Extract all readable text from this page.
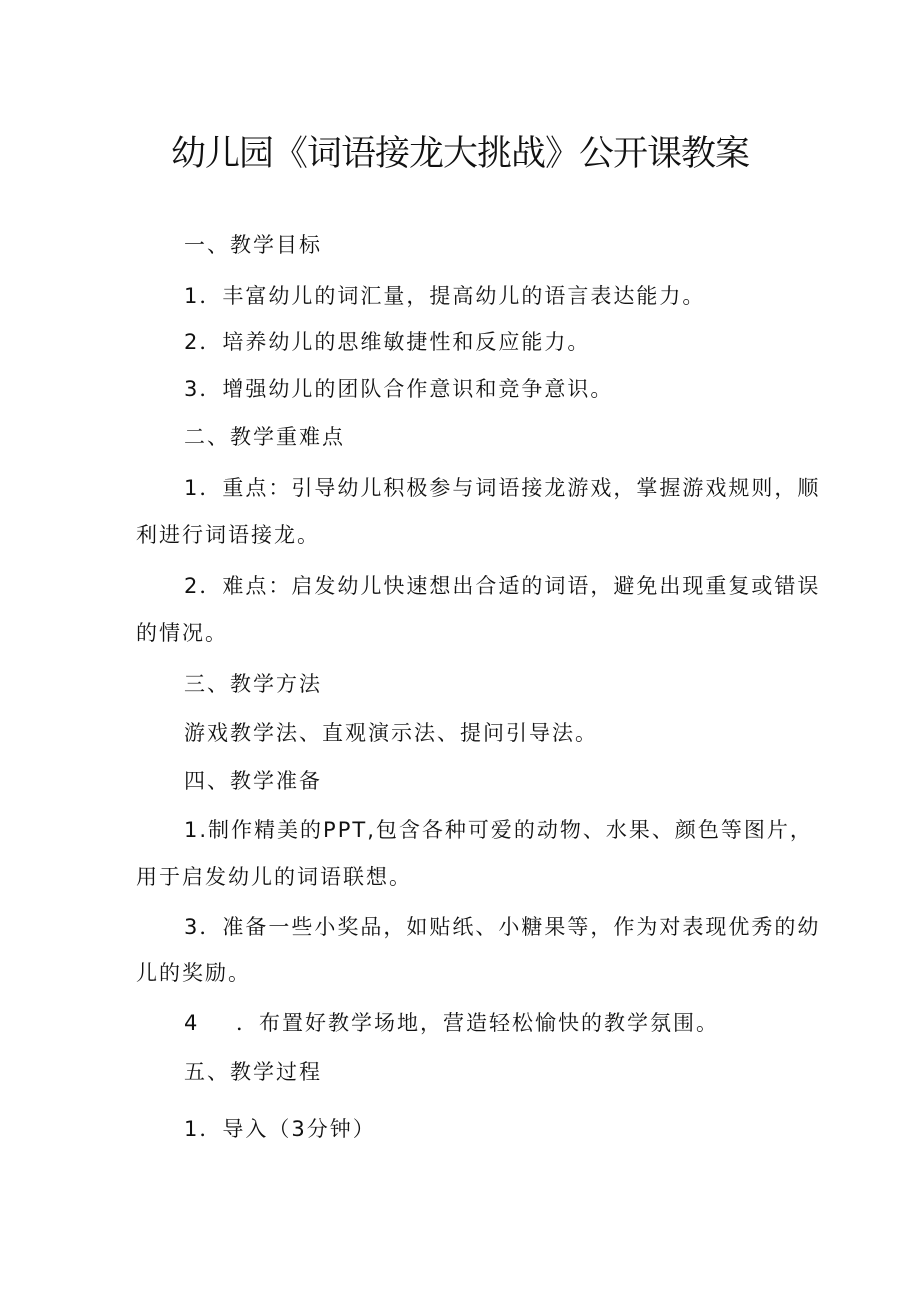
幼儿园《词语接龙大挑战》公开课教案
一、教学目标
1．丰富幼儿的词汇量，提高幼儿的语言表达能力。
2．培养幼儿的思维敏捷性和反应能力。
3．增强幼儿的团队合作意识和竞争意识。
二、教学重难点
1．重点：引导幼儿积极参与词语接龙游戏，掌握游戏规则，顺
利进行词语接龙。
2．难点：启发幼儿快速想出合适的词语，避免出现重复或错误
的情况。
三、教学方法
游戏教学法、直观演示法、提问引导法。
四、教学准备
1.制作精美的PPT,包含各种可爱的动物、水果、颜色等图片，
用于启发幼儿的词语联想。
3．准备一些小奖品，如贴纸、小糖果等，作为对表现优秀的幼
儿的奖励。
4 ．布置好教学场地，营造轻松愉快的教学氛围。
五、教学过程
1．导入（3分钟）
